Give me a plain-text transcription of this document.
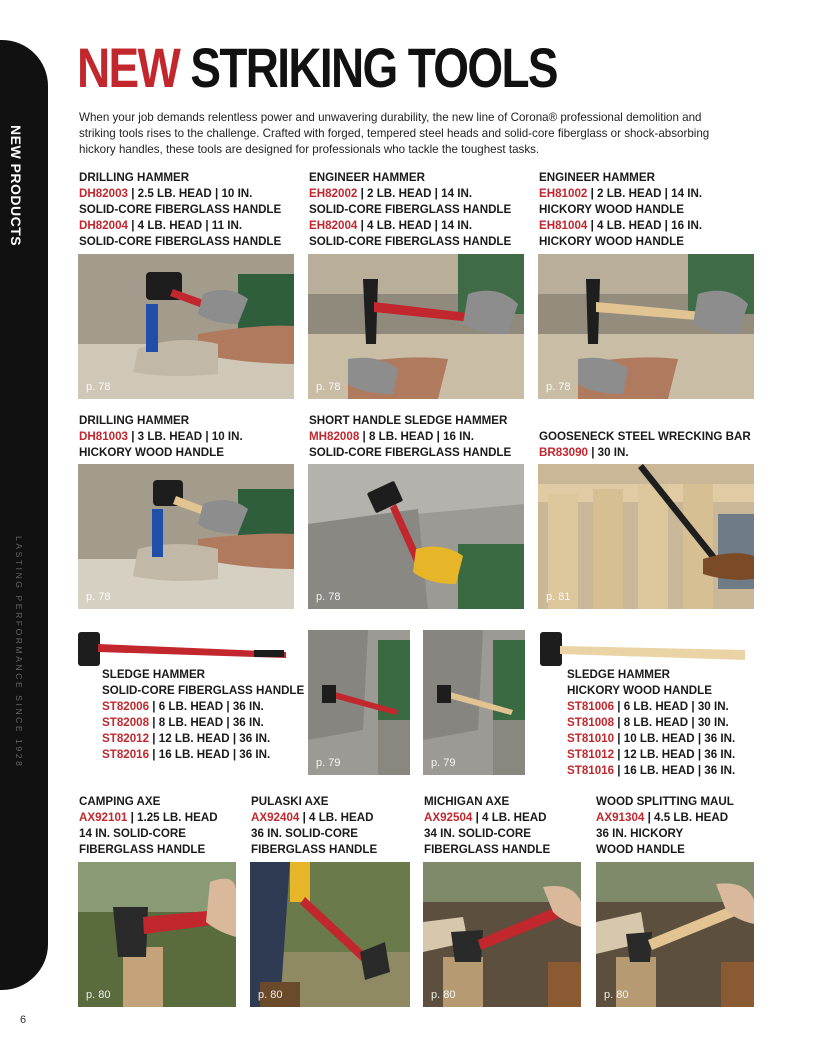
NEW PRODUCTS
LASTING PERFORMANCE SINCE 1928
6
NEW STRIKING TOOLS

When your job demands relentless power and unwavering durability, the new line of Corona® professional demolition and striking tools rises to the challenge. Crafted with forged, tempered steel heads and solid-core fiberglass or shock-absorbing hickory handles, these tools are designed for professionals who tackle the toughest tasks.

DRILLING HAMMER
DH82003 | 2.5 LB. HEAD | 10 IN.
SOLID-CORE FIBERGLASS HANDLE
DH82004 | 4 LB. HEAD | 11 IN.
SOLID-CORE FIBERGLASS HANDLE
ENGINEER HAMMER
EH82002 | 2 LB. HEAD | 14 IN.
SOLID-CORE FIBERGLASS HANDLE
EH82004 | 4 LB. HEAD | 14 IN.
SOLID-CORE FIBERGLASS HANDLE
ENGINEER HAMMER
EH81002 | 2 LB. HEAD | 14 IN.
HICKORY WOOD HANDLE
EH81004 | 4 LB. HEAD | 16 IN.
HICKORY WOOD HANDLE
DRILLING HAMMER
DH81003 | 3 LB. HEAD | 10 IN.
HICKORY WOOD HANDLE
SHORT HANDLE SLEDGE HAMMER
MH82008 | 8 LB. HEAD | 16 IN.
SOLID-CORE FIBERGLASS HANDLE
GOOSENECK STEEL WRECKING BAR
BR83090 | 30 IN.
SLEDGE HAMMER
SOLID-CORE FIBERGLASS HANDLE
ST82006 | 6 LB. HEAD | 36 IN.
ST82008 | 8 LB. HEAD | 36 IN.
ST82012 | 12 LB. HEAD | 36 IN.
ST82016 | 16 LB. HEAD | 36 IN.
SLEDGE HAMMER
HICKORY WOOD HANDLE
ST81006 | 6 LB. HEAD | 30 IN.
ST81008 | 8 LB. HEAD | 30 IN.
ST81010 | 10 LB. HEAD | 36 IN.
ST81012 | 12 LB. HEAD | 36 IN.
ST81016 | 16 LB. HEAD | 36 IN.
CAMPING AXE
AX92101 | 1.25 LB. HEAD
14 IN. SOLID-CORE
FIBERGLASS HANDLE
PULASKI AXE
AX92404 | 4 LB. HEAD
36 IN. SOLID-CORE
FIBERGLASS HANDLE
MICHIGAN AXE
AX92504 | 4 LB. HEAD
34 IN. SOLID-CORE
FIBERGLASS HANDLE
WOOD SPLITTING MAUL
AX91304 | 4.5 LB. HEAD
36 IN. HICKORY
WOOD HANDLE
p. 78	p. 78	p. 78
p. 78	p. 78	p. 81
p. 79	p. 79
p. 80	p. 80	p. 80	p. 80
